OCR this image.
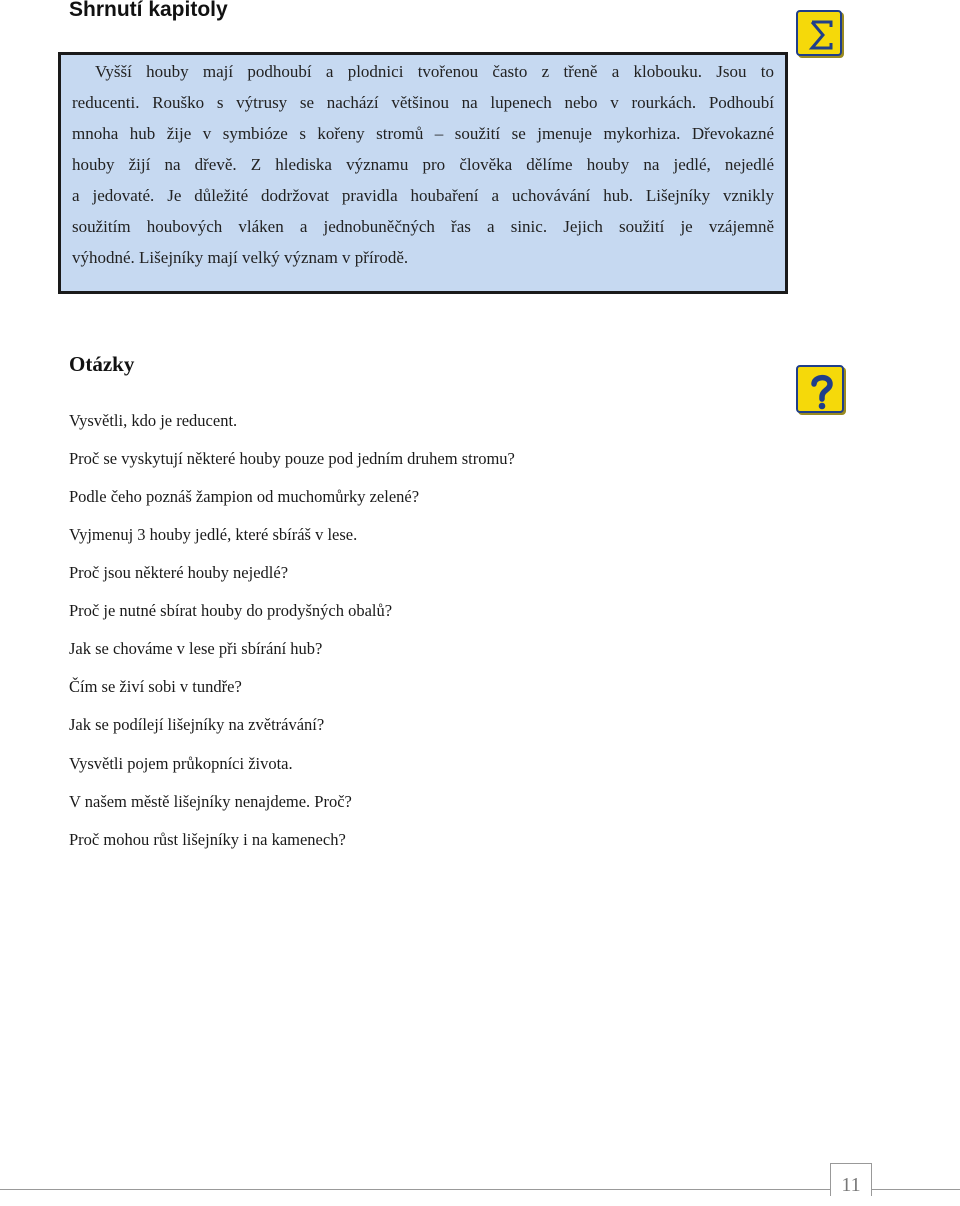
Shrnutí kapitoly
Vyšší houby mají podhoubí a plodnici tvořenou často z třeně a klobouku. Jsou to
reducenti. Rouško s výtrusy se nachází většinou na lupenech nebo v rourkách. Podhoubí
mnoha hub žije v symbióze s kořeny stromů – soužití se jmenuje mykorhiza. Dřevokazné
houby žijí na dřevě. Z hlediska významu pro člověka dělíme houby na jedlé, nejedlé
a jedovaté. Je důležité dodržovat pravidla houbaření a uchovávání hub. Lišejníky vznikly
soužitím houbových vláken a jednobuněčných řas a sinic. Jejich soužití je vzájemně
výhodné. Lišejníky mají velký význam v přírodě.
Otázky
Vysvětli, kdo je reducent.
Proč se vyskytují některé houby pouze pod jedním druhem stromu?
Podle čeho poznáš žampion od muchomůrky zelené?
Vyjmenuj 3 houby jedlé, které sbíráš v lese.
Proč jsou některé houby nejedlé?
Proč je nutné sbírat houby do prodyšných obalů?
Jak se chováme v lese při sbírání hub?
Čím se živí sobi v tundře?
Jak se podílejí lišejníky na zvětrávání?
Vysvětli pojem průkopníci života.
V našem městě lišejníky nenajdeme. Proč?
Proč mohou růst lišejníky i na kamenech?
11
